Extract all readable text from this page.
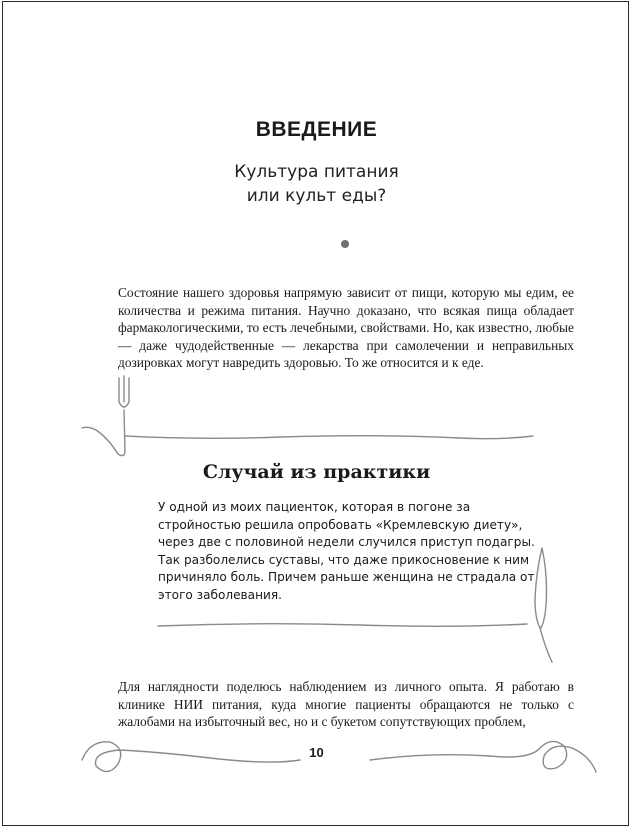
ВВЕДЕНИЕ
Культура питания
или культ еды?

Состояние нашего здоровья напрямую зависит от пищи, которую мы едим, ее количества и режима питания. Научно доказано, что всякая пища обладает фармакологическими, то есть лечебными, свойствами. Но, как известно, любые — даже чудодейственные — лекарства при самолечении и неправильных дозировках могут навредить здоровью. То же относится и к еде.

Случай из практики

У одной из моих пациенток, которая в погоне за стройностью решила опробовать «Кремлевскую диету», через две с половиной недели случился приступ подагры. Так разболелись суставы, что даже прикосновение к ним причиняло боль. Причем раньше женщина не страдала от этого заболевания.

Для наглядности поделюсь наблюдением из личного опыта. Я работаю в клинике НИИ питания, куда многие пациенты обращаются не только с жалобами на избыточный вес, но и с букетом сопутствующих проблем,

10
